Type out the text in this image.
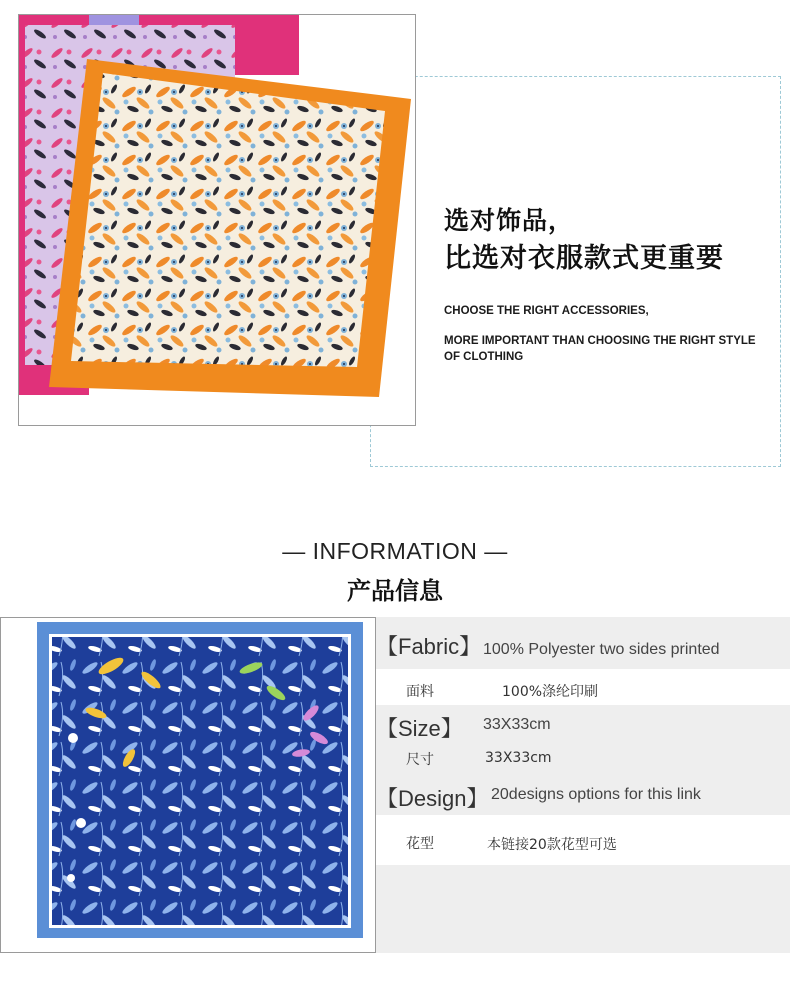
选对饰品，
比选对衣服款式更重要

CHOOSE THE RIGHT ACCESSORIES,

MORE IMPORTANT THAN CHOOSING THE RIGHT STYLE OF CLOTHING

— INFORMATION —
产品信息
【Fabric】 100% Polyester two sides printed
面料	100%涤纶印刷
【Size】 33X33cm
尺寸	33X33cm
【Design】 20designs options for this link
花型	本链接20款花型可选
